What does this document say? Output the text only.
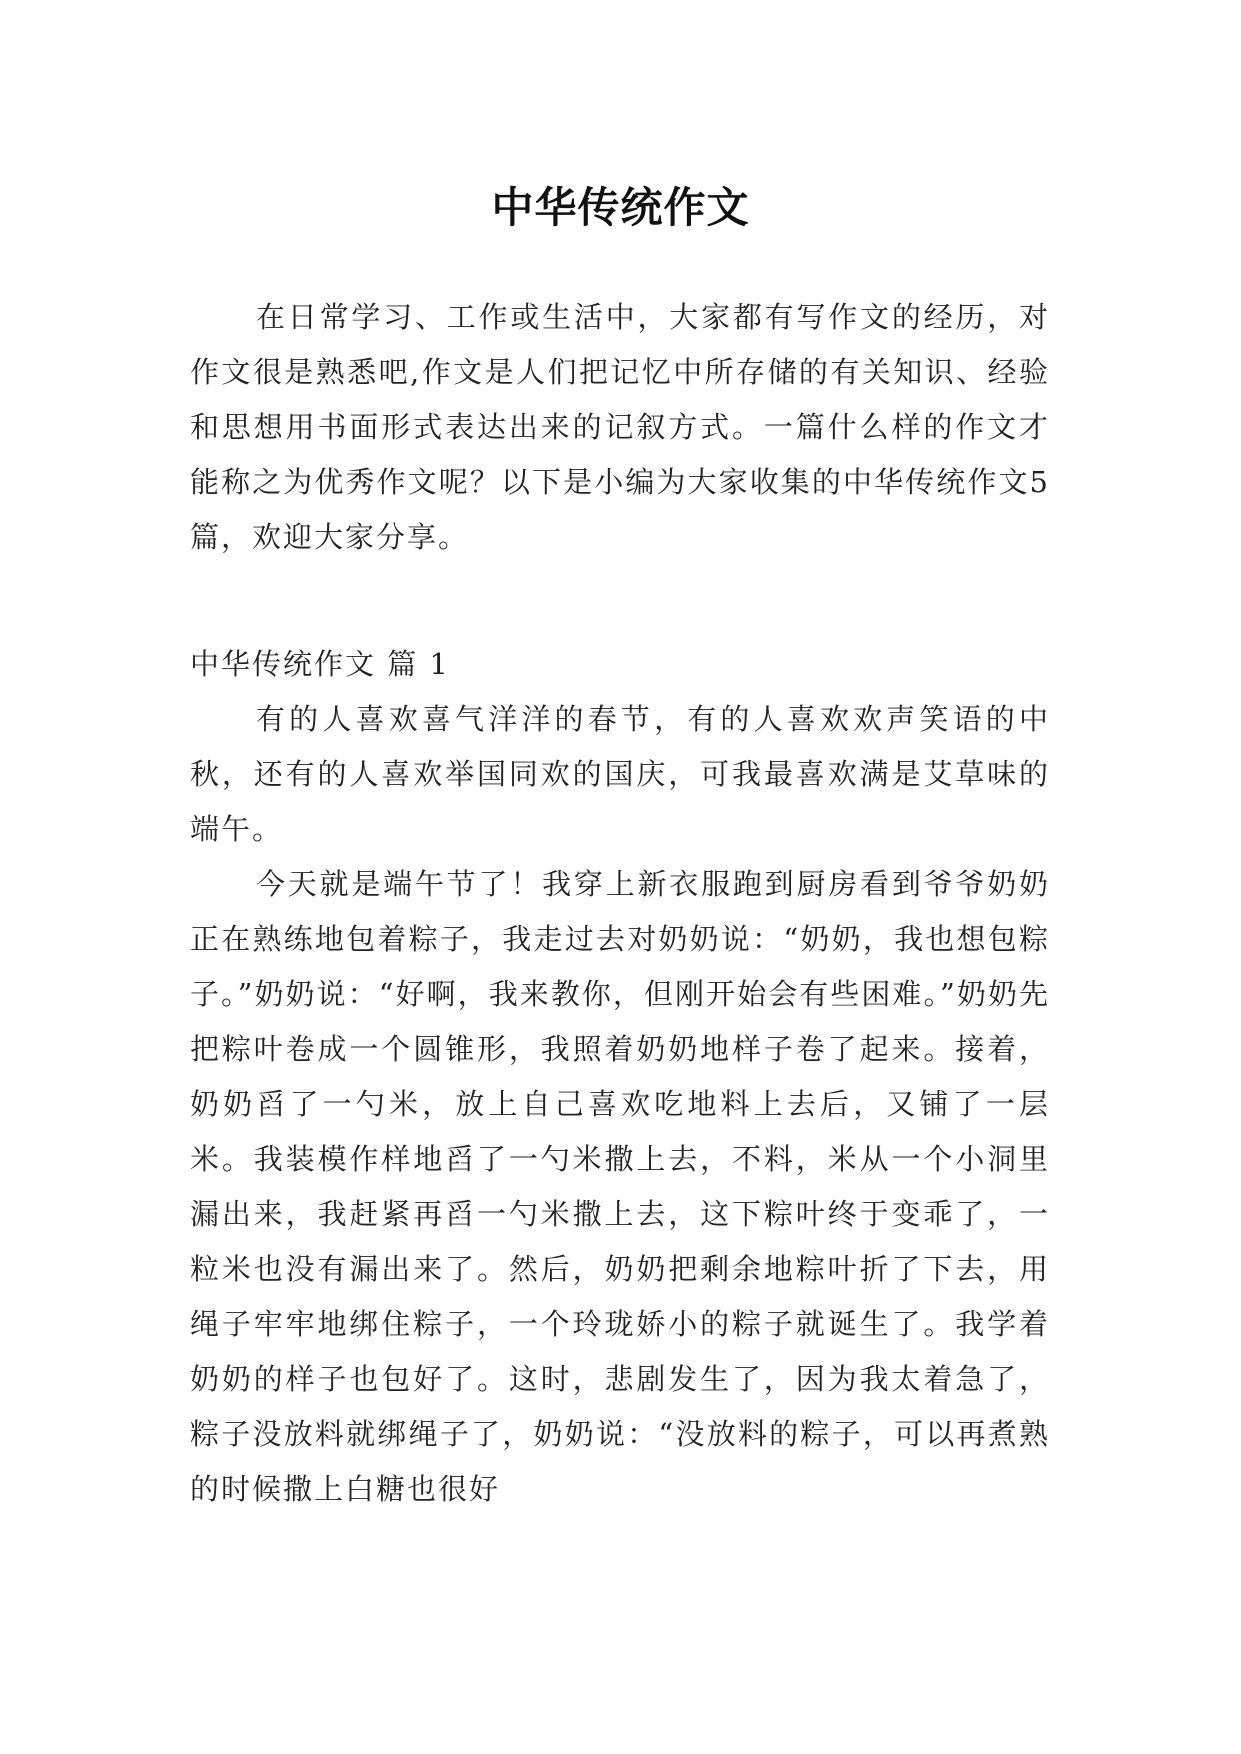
中华传统作文

在日常学习、工作或生活中，大家都有写作文的经历，对作文很是熟悉吧,作文是人们把记忆中所存储的有关知识、经验和思想用书面形式表达出来的记叙方式。一篇什么样的作文才能称之为优秀作文呢？以下是小编为大家收集的中华传统作文5篇，欢迎大家分享。

中华传统作文 篇 1

有的人喜欢喜气洋洋的春节，有的人喜欢欢声笑语的中秋，还有的人喜欢举国同欢的国庆，可我最喜欢满是艾草味的端午。

今天就是端午节了！我穿上新衣服跑到厨房看到爷爷奶奶正在熟练地包着粽子，我走过去对奶奶说：“奶奶，我也想包粽子。”奶奶说：“好啊，我来教你，但刚开始会有些困难。”奶奶先把粽叶卷成一个圆锥形，我照着奶奶地样子卷了起来。接着，奶奶舀了一勺米，放上自己喜欢吃地料上去后，又铺了一层米。我装模作样地舀了一勺米撒上去，不料，米从一个小洞里漏出来，我赶紧再舀一勺米撒上去，这下粽叶终于变乖了，一粒米也没有漏出来了。然后，奶奶把剩余地粽叶折了下去，用绳子牢牢地绑住粽子，一个玲珑娇小的粽子就诞生了。我学着奶奶的样子也包好了。这时，悲剧发生了，因为我太着急了，粽子没放料就绑绳子了，奶奶说：“没放料的粽子，可以再煮熟的时候撒上白糖也很好
